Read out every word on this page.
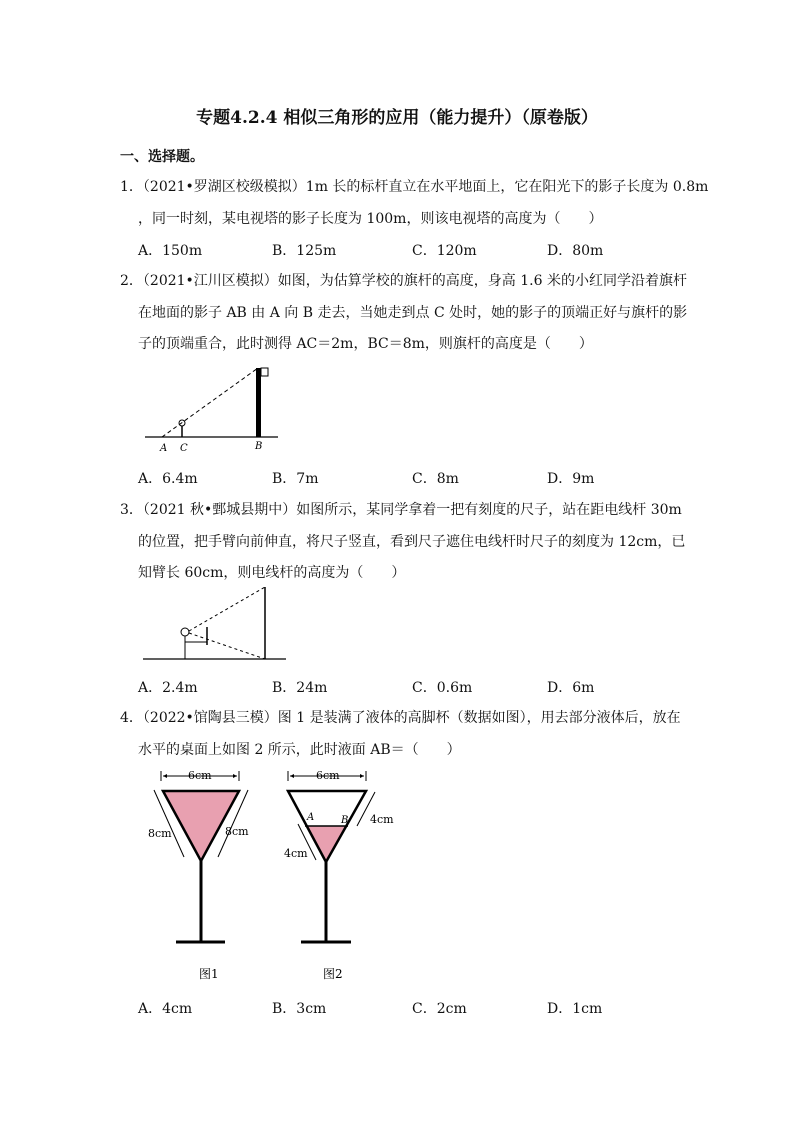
专题4.2.4 相似三角形的应用（能力提升）（原卷版）
一、选择题。
1．（2021•罗湖区校级模拟）1m 长的标杆直立在水平地面上，它在阳光下的影子长度为 0.8m
，同一时刻，某电视塔的影子长度为 100m，则该电视塔的高度为（　　）
A．150m	B．125m	C．120m	D．80m
2．（2021•江川区模拟）如图，为估算学校的旗杆的高度，身高 1.6 米的小红同学沿着旗杆
在地面的影子 AB 由 A 向 B 走去，当她走到点 C 处时，她的影子的顶端正好与旗杆的影
子的顶端重合，此时测得 AC＝2m，BC＝8m，则旗杆的高度是（　　）
A C	B
A．6.4m	B．7m	C．8m	D．9m
3．（2021 秋•鄄城县期中）如图所示，某同学拿着一把有刻度的尺子，站在距电线杆 30m
的位置，把手臂向前伸直，将尺子竖直，看到尺子遮住电线杆时尺子的刻度为 12cm，已
知臂长 60cm，则电线杆的高度为（　　）
A．2.4m	B．24m	C．0.6m	D．6m
4．（2022•馆陶县三模）图 1 是装满了液体的高脚杯（数据如图），用去部分液体后，放在
水平的桌面上如图 2 所示，此时液面 AB＝（　　）
6cm
8cm	8cm
图1
6cm
A	B 4cm
4cm
图2
A．4cm	B．3cm	C．2cm	D．1cm
